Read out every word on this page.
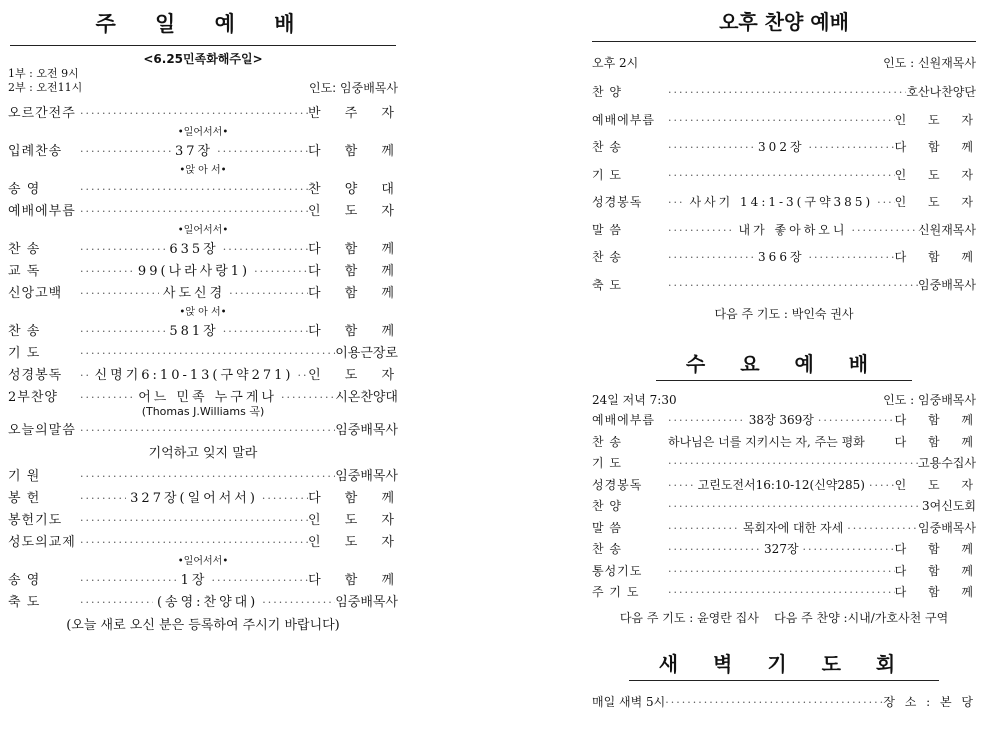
주 일 예 배
<6.25민족화해주일>
1부 : 오전 9시
2부 : 오전11시	인도: 임중배목사
오르간전주 ·····	반 주 자
•일어서서•
입례찬송 ·····	37장 ·····	다 함 께
•앉 아 서•
송 영 ·····	찬 양 대
예배에부름 ·····	인 도 자
•일어서서•
찬 송 ·····	635장 ·····	다 함 께
교 독 ·····	99(나라사랑1) ·····	다 함 께
신앙고백 ·····	사도신경 ·····	다 함 께
•앉 아 서•
찬 송 ·····	581장 ·····	다 함 께
기 도 ·····	이용근장로
성경봉독 ·····	신명기6:10-13(구약271) ·····	인 도 자
2부찬양 ·····	어느 민족 누구게나 ·····	시온찬양대
(Thomas J.Williams 곡)
오늘의말씀 ·····	임중배목사
기억하고 잊지 말라
기 원 ·····	임중배목사
봉 헌 ·····	327장(일어서서) ·····	다 함 께
봉헌기도 ·····	인 도 자
성도의교제 ·····	인 도 자
•일어서서•
송 영 ·····	1장 ·····	다 함 께
축 도 ·····	(송영:찬양대) ·····	임중배목사
(오늘 새로 오신 분은 등록하여 주시기 바랍니다)
오후 찬양 예배
오후 2시	인도 : 신원재목사
찬 양 ·····	호산나찬양단
예배에부름 ·····	인 도 자
찬 송 ·····	302장 ·····	다 함 께
기 도 ·····	인 도 자
성경봉독 ·····	사사기 14:1-3(구약385) ·····	인 도 자
말 씀 ·····	내가 좋아하오니 ·····	신원재목사
찬 송 ·····	366장 ·····	다 함 께
축 도 ·····	임중배목사
다음 주 기도 : 박인숙 권사
수 요 예 배
24일 저녁 7:30	인도 : 임중배목사
예배에부름 ·····	38장 369장 ·····	다 함 께
찬 송	하나님은 너를 지키시는 자, 주는 평화	다 함 께
기 도 ·····	고용수집사
성경봉독 ·····	고린도전서16:10-12(신약285) ·····	인 도 자
찬 양 ·····	3여신도회
말 씀 ·····	목회자에 대한 자세 ·····	임중배목사
찬 송 ·····	327장 ·····	다 함 께
통성기도 ·····	다 함 께
주 기 도 ·····	다 함 께
다음 주 기도 : 윤영란 집사    다음 주 찬양 :시내/가호사천 구역
새 벽 기 도 회
매일 새벽 5시 ·····	장 소 : 본 당
